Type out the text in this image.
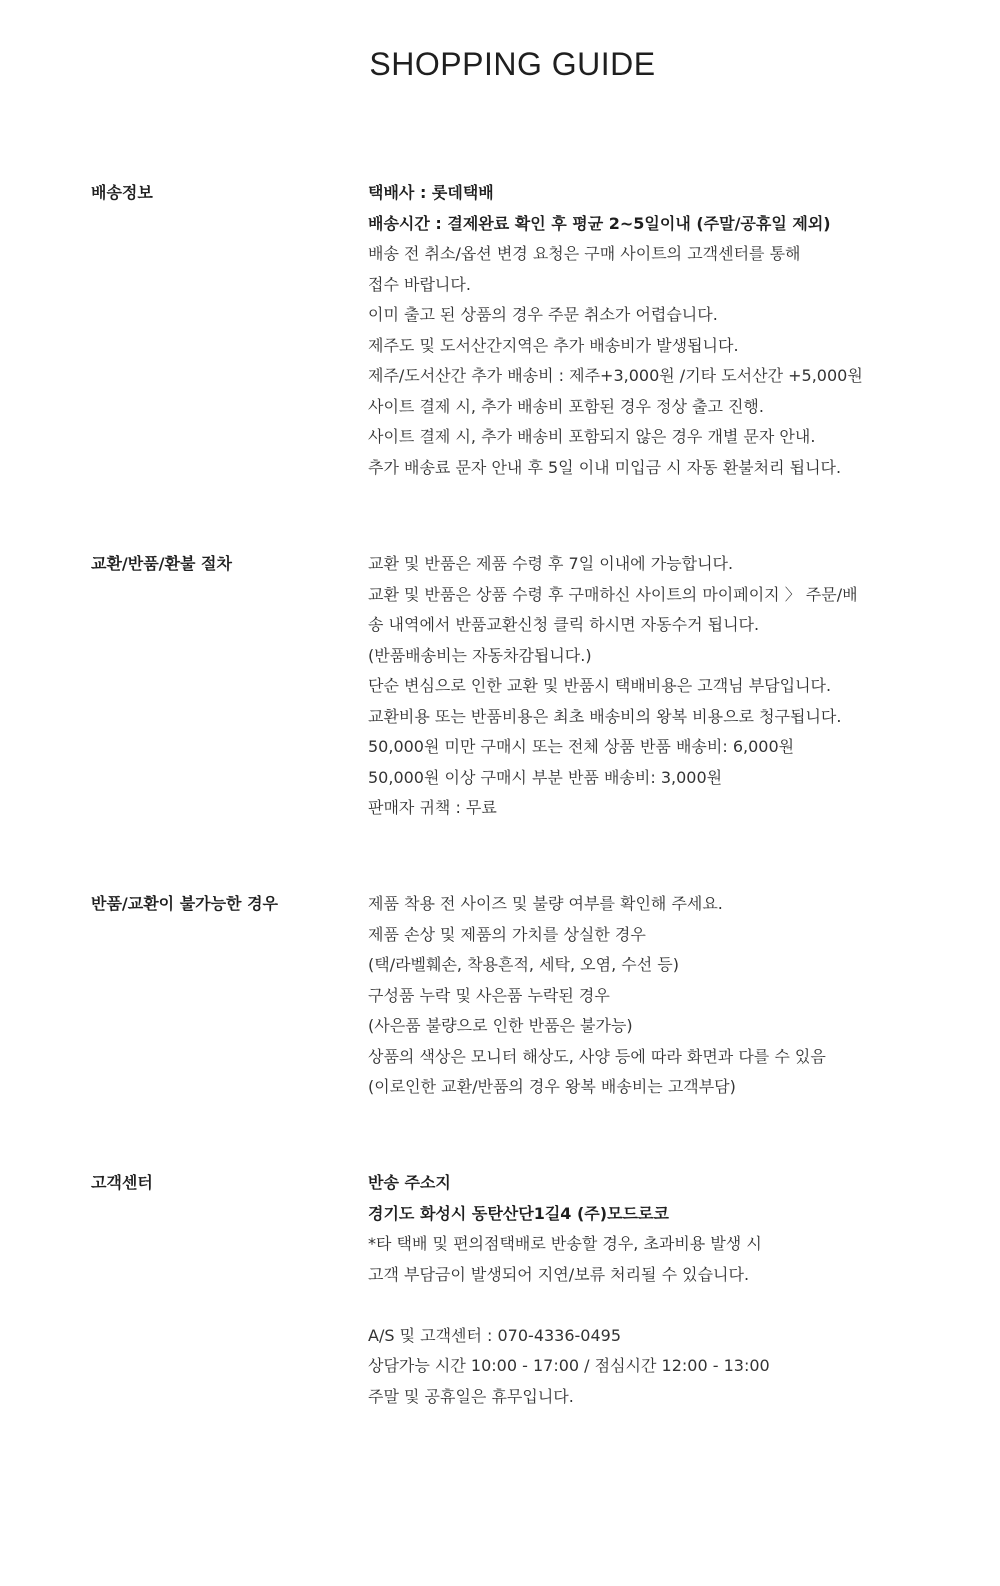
SHOPPING GUIDE
배송정보	택배사 : 롯데택배
배송시간 : 결제완료 확인 후 평균 2~5일이내 (주말/공휴일 제외)
배송 전 취소/옵션 변경 요청은 구매 사이트의 고객센터를 통해
접수 바랍니다.
이미 출고 된 상품의 경우 주문 취소가 어렵습니다.
제주도 및 도서산간지역은 추가 배송비가 발생됩니다.
제주/도서산간 추가 배송비 : 제주+3,000원 /기타 도서산간 +5,000원
사이트 결제 시, 추가 배송비 포함된 경우 정상 출고 진행.
사이트 결제 시, 추가 배송비 포함되지 않은 경우 개별 문자 안내.
추가 배송료 문자 안내 후 5일 이내 미입금 시 자동 환불처리 됩니다.
교환/반품/환불 절차	교환 및 반품은 제품 수령 후 7일 이내에 가능합니다.
교환 및 반품은 상품 수령 후 구매하신 사이트의 마이페이지 〉 주문/배
송 내역에서 반품교환신청 클릭 하시면 자동수거 됩니다.
(반품배송비는 자동차감됩니다.)
단순 변심으로 인한 교환 및 반품시 택배비용은 고객님 부담입니다.
교환비용 또는 반품비용은 최초 배송비의 왕복 비용으로 청구됩니다.
50,000원 미만 구매시 또는 전체 상품 반품 배송비: 6,000원
50,000원 이상 구매시 부분 반품 배송비: 3,000원
판매자 귀책 : 무료
반품/교환이 불가능한 경우	제품 착용 전 사이즈 및 불량 여부를 확인해 주세요.
제품 손상 및 제품의 가치를 상실한 경우
(택/라벨훼손, 착용흔적, 세탁, 오염, 수선 등)
구성품 누락 및 사은품 누락된 경우
(사은품 불량으로 인한 반품은 불가능)
상품의 색상은 모니터 해상도, 사양 등에 따라 화면과 다를 수 있음
(이로인한 교환/반품의 경우 왕복 배송비는 고객부담)
고객센터	반송 주소지
경기도 화성시 동탄산단1길4 (주)모드로코
*타 택배 및 편의점택배로 반송할 경우, 초과비용 발생 시
고객 부담금이 발생되어 지연/보류 처리될 수 있습니다.
A/S 및 고객센터 : 070-4336-0495
상담가능 시간 10:00 - 17:00 / 점심시간 12:00 - 13:00
주말 및 공휴일은 휴무입니다.
